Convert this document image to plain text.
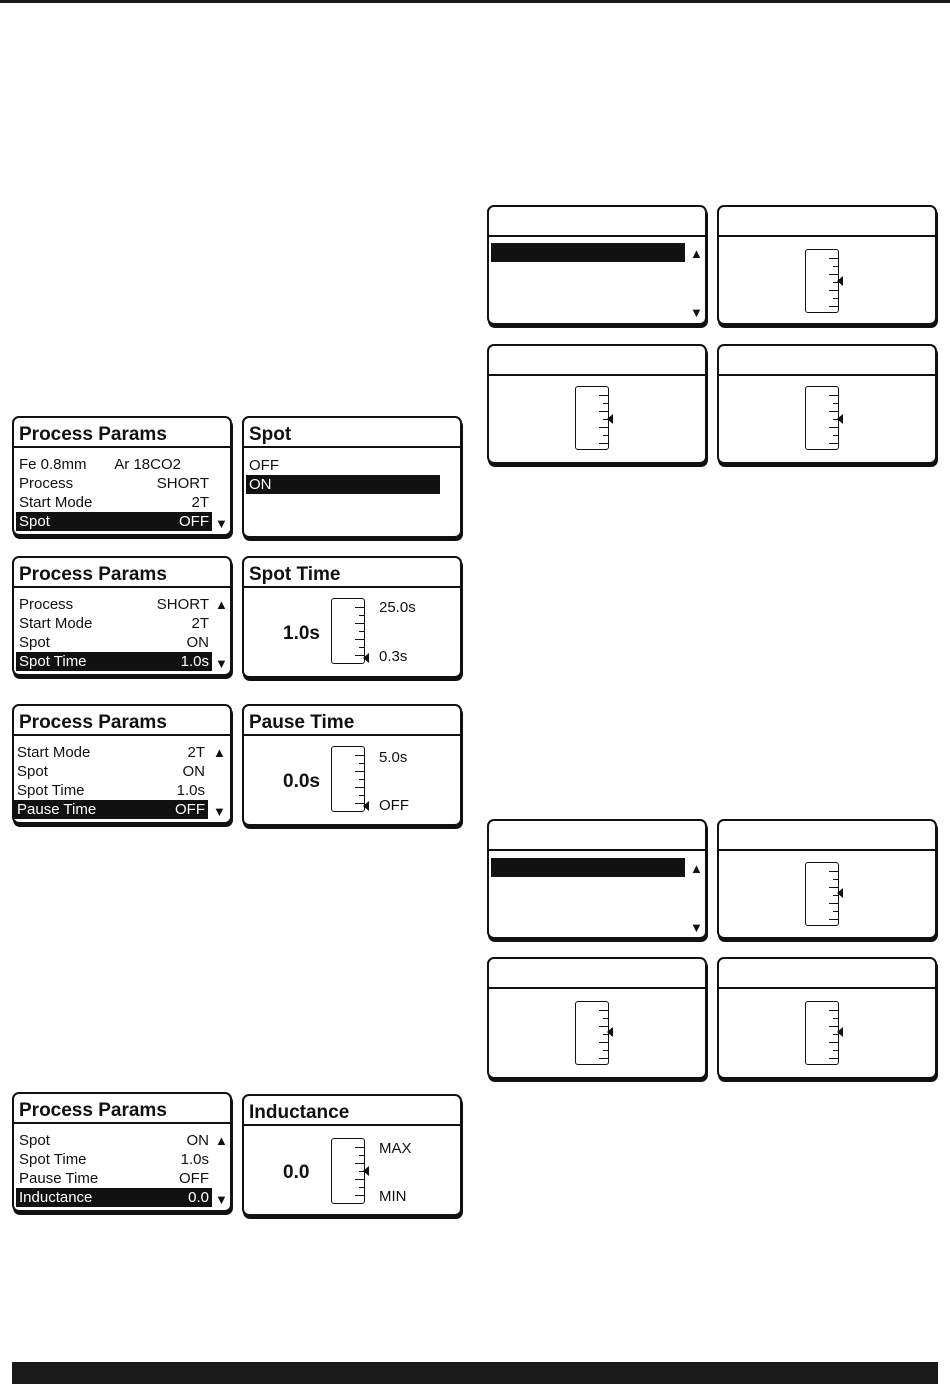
Process Params
Fe 0.8mm Ar 18CO2
Process	SHORT
Start Mode	2T
Spot	OFF ▼
Process Params
Process	SHORT
Start Mode	2T
Spot	ON
Spot Time	1.0s
▲
▼
Process Params
Start Mode	2T
Spot	ON
Spot Time	1.0s
Pause Time	OFF
▲
▼
Process Params
Spot	ON
Spot Time	1.0s
Pause Time	OFF
Inductance	0.0
▲
▼
Spot
OFF
ON
Spot Time
1.0s
25.0s
0.3s
Pause Time
0.0s
5.0s
OFF
Inductance
0.0
MAX
MIN
▲
▼
▲
▼
